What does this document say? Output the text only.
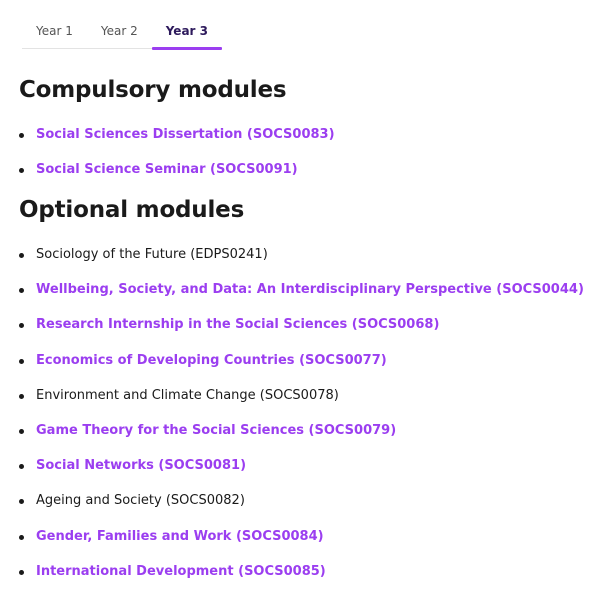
Year 1	Year 2	Year 3
Compulsory modules
Social Sciences Dissertation (SOCS0083)
Social Science Seminar (SOCS0091)
Optional modules
Sociology of the Future (EDPS0241)
Wellbeing, Society, and Data: An Interdisciplinary Perspective (SOCS0044)
Research Internship in the Social Sciences (SOCS0068)
Economics of Developing Countries (SOCS0077)
Environment and Climate Change (SOCS0078)
Game Theory for the Social Sciences (SOCS0079)
Social Networks (SOCS0081)
Ageing and Society (SOCS0082)
Gender, Families and Work (SOCS0084)
International Development (SOCS0085)
